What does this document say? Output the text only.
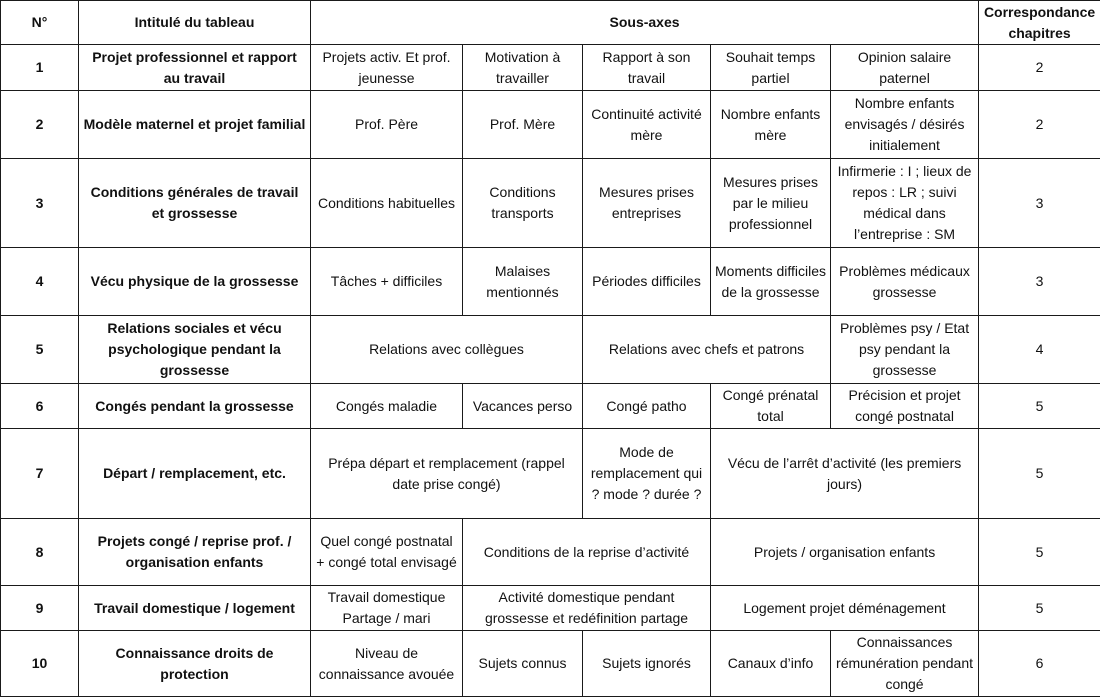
N°	Intitulé du tableau	Sous-axes					Correspondance chapitres
1	Projet professionnel et rapport au travail	Projets activ. Et prof. jeunesse	Motivation à travailler	Rapport à son travail	Souhait temps partiel	Opinion salaire paternel	2
2	Modèle maternel et projet familial	Prof. Père	Prof. Mère	Continuité activité mère	Nombre enfants mère	Nombre enfants envisagés / désirés initialement	2
3	Conditions générales de travail et grossesse	Conditions habituelles	Conditions transports	Mesures prises entreprises	Mesures prises par le milieu professionnel	Infirmerie : I ; lieux de repos : LR ; suivi médical dans l’entreprise : SM	3
4	Vécu physique de la grossesse	Tâches + difficiles	Malaises mentionnés	Périodes difficiles	Moments difficiles de la grossesse	Problèmes médicaux grossesse	3
5	Relations sociales et vécu psychologique pendant la grossesse	Relations avec collègues		Relations avec chefs et patrons		Problèmes psy / Etat psy pendant la grossesse	4
6	Congés pendant la grossesse	Congés maladie	Vacances perso	Congé patho	Congé prénatal total	Précision et projet congé postnatal	5
7	Départ / remplacement, etc.	Prépa départ et remplacement (rappel date prise congé)		Mode de remplacement qui ? mode ? durée ?	Vécu de l’arrêt d’activité (les premiers jours)		5
8	Projets congé / reprise prof. / organisation enfants	Quel congé postnatal + congé total envisagé	Conditions de la reprise d’activité		Projets / organisation enfants		5
9	Travail domestique / logement	Travail domestique Partage / mari	Activité domestique pendant grossesse et redéfinition partage		Logement projet déménagement		5
10	Connaissance droits de protection	Niveau de connaissance avouée	Sujets connus	Sujets ignorés	Canaux d’info	Connaissances rémunération pendant congé	6
